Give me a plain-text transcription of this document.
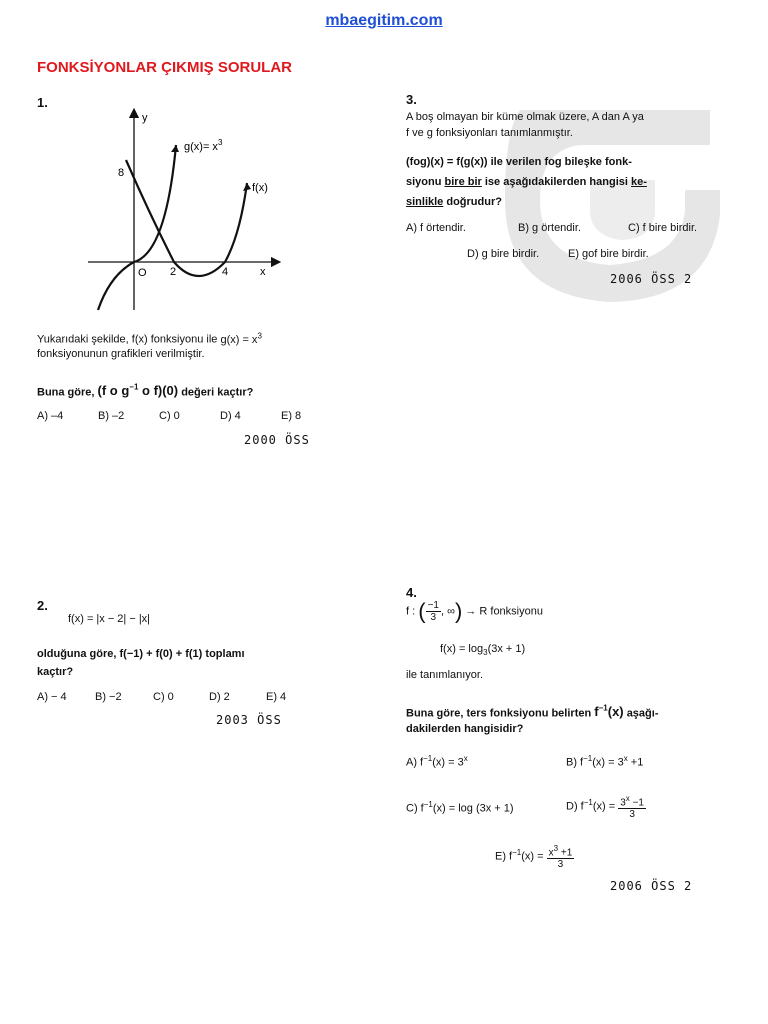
mbaegitim.com
FONKSİYONLAR ÇIKMIŞ SORULAR
1.
y
x
O
8
2	4
$g(x)= x^3$
f(x)
Yukarıdaki şekilde, f(x) fonksiyonu ile $g(x) = x^3$
fonksiyonunun grafikleri verilmiştir.
Buna göre, (f o $g^{-1}$ o f)(0) değeri kaçtır?
A) –4	B) –2	C) 0	D) 4	E) 8
2000 ÖSS
2.
f(x) = |x − 2| − |x|
olduğuna göre, f(−1) + f(0) + f(1) toplamı
kaçtır?
A) − 4	B) −2	C) 0	D) 2	E) 4
2003 ÖSS
3.
A boş olmayan bir küme olmak üzere, A dan A ya
f ve g fonksiyonları tanımlanmıştır.
(fog)(x) = f(g(x)) ile verilen fog bileşke fonk-
siyonu bire bir ise aşağıdakilerden hangisi ke-
sinlikle doğrudur?
A) f örtendir.	B) g örtendir.	C) f bire birdir.
D) g bire birdir.	E) gof bire birdir.
2006 ÖSS 2
4.
f : ( $\frac{-1}{3}$ , ∞) → R fonksiyonu
$f(x) = \log_3(3x + 1)$
ile tanımlanıyor.
Buna göre, ters fonksiyonu belirten $f^{-1}(x)$ aşağı-
dakilerden hangisidir?
A) $f^{-1}(x) = 3^x$	B) $f^{-1}(x) = 3^x +1$
C) $f^{-1}(x) = \log (3x + 1)$	D) $f^{-1}(x) = \frac{3^x -1}{3}$
E) $f^{-1}(x) = \frac{x^3 +1}{3}$
2006 ÖSS 2
